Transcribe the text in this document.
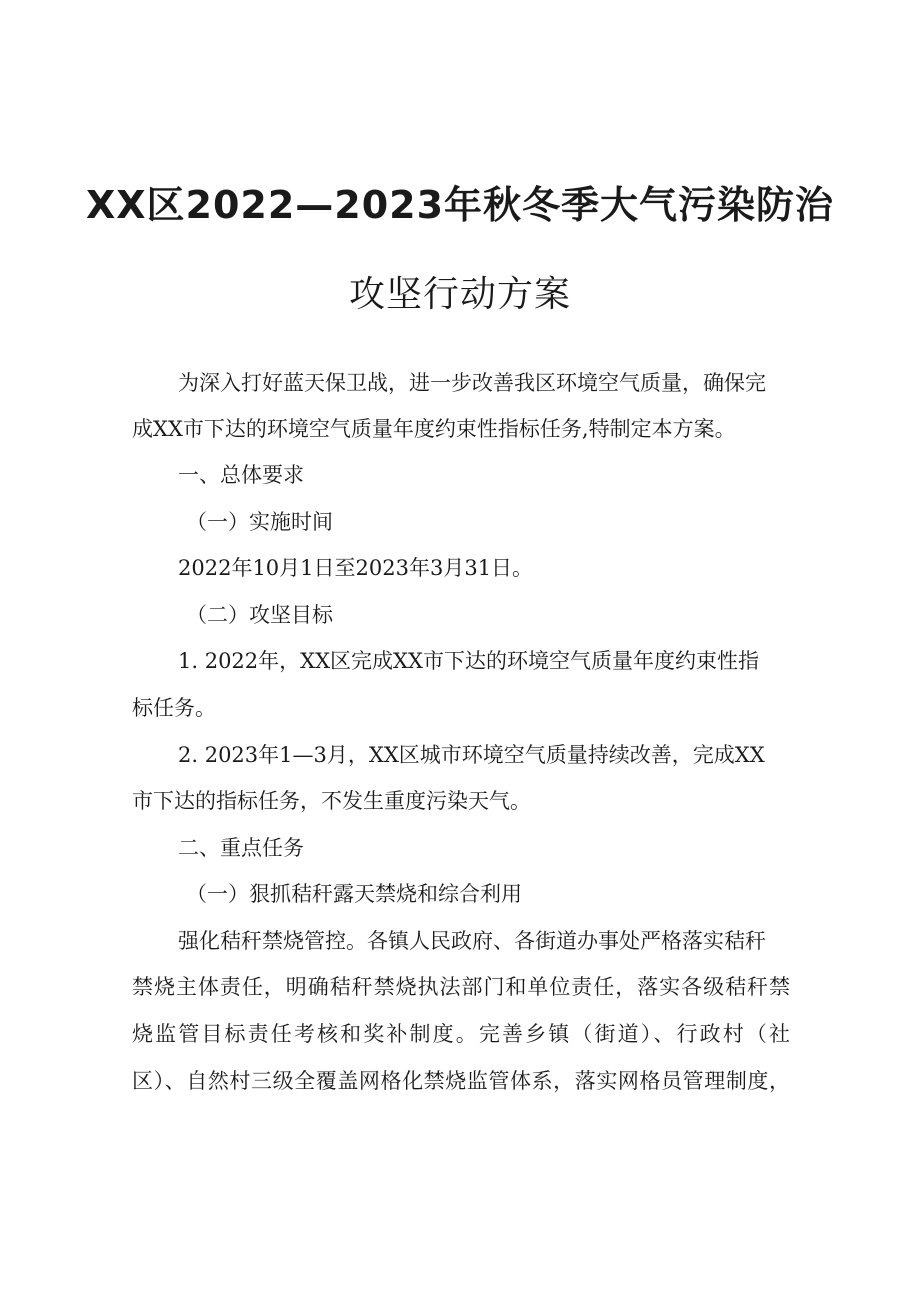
XX区2022—2023年秋冬季大气污染防治
攻坚行动方案

为深入打好蓝天保卫战，进一步改善我区环境空气质量，确保完

成XX市下达的环境空气质量年度约束性指标任务,特制定本方案。

一、总体要求

（一）实施时间

2022年10月1日至2023年3月31日。

（二）攻坚目标

1. 2022年，XX区完成XX市下达的环境空气质量年度约束性指

标任务。

2. 2023年1—3月，XX区城市环境空气质量持续改善，完成XX

市下达的指标任务，不发生重度污染天气。

二、重点任务

（一）狠抓秸秆露天禁烧和综合利用

强化秸秆禁烧管控。各镇人民政府、各街道办事处严格落实秸秆

禁烧主体责任，明确秸秆禁烧执法部门和单位责任，落实各级秸秆禁

烧监管目标责任考核和奖补制度。完善乡镇（街道）、行政村（社

区）、自然村三级全覆盖网格化禁烧监管体系，落实网格员管理制度，
